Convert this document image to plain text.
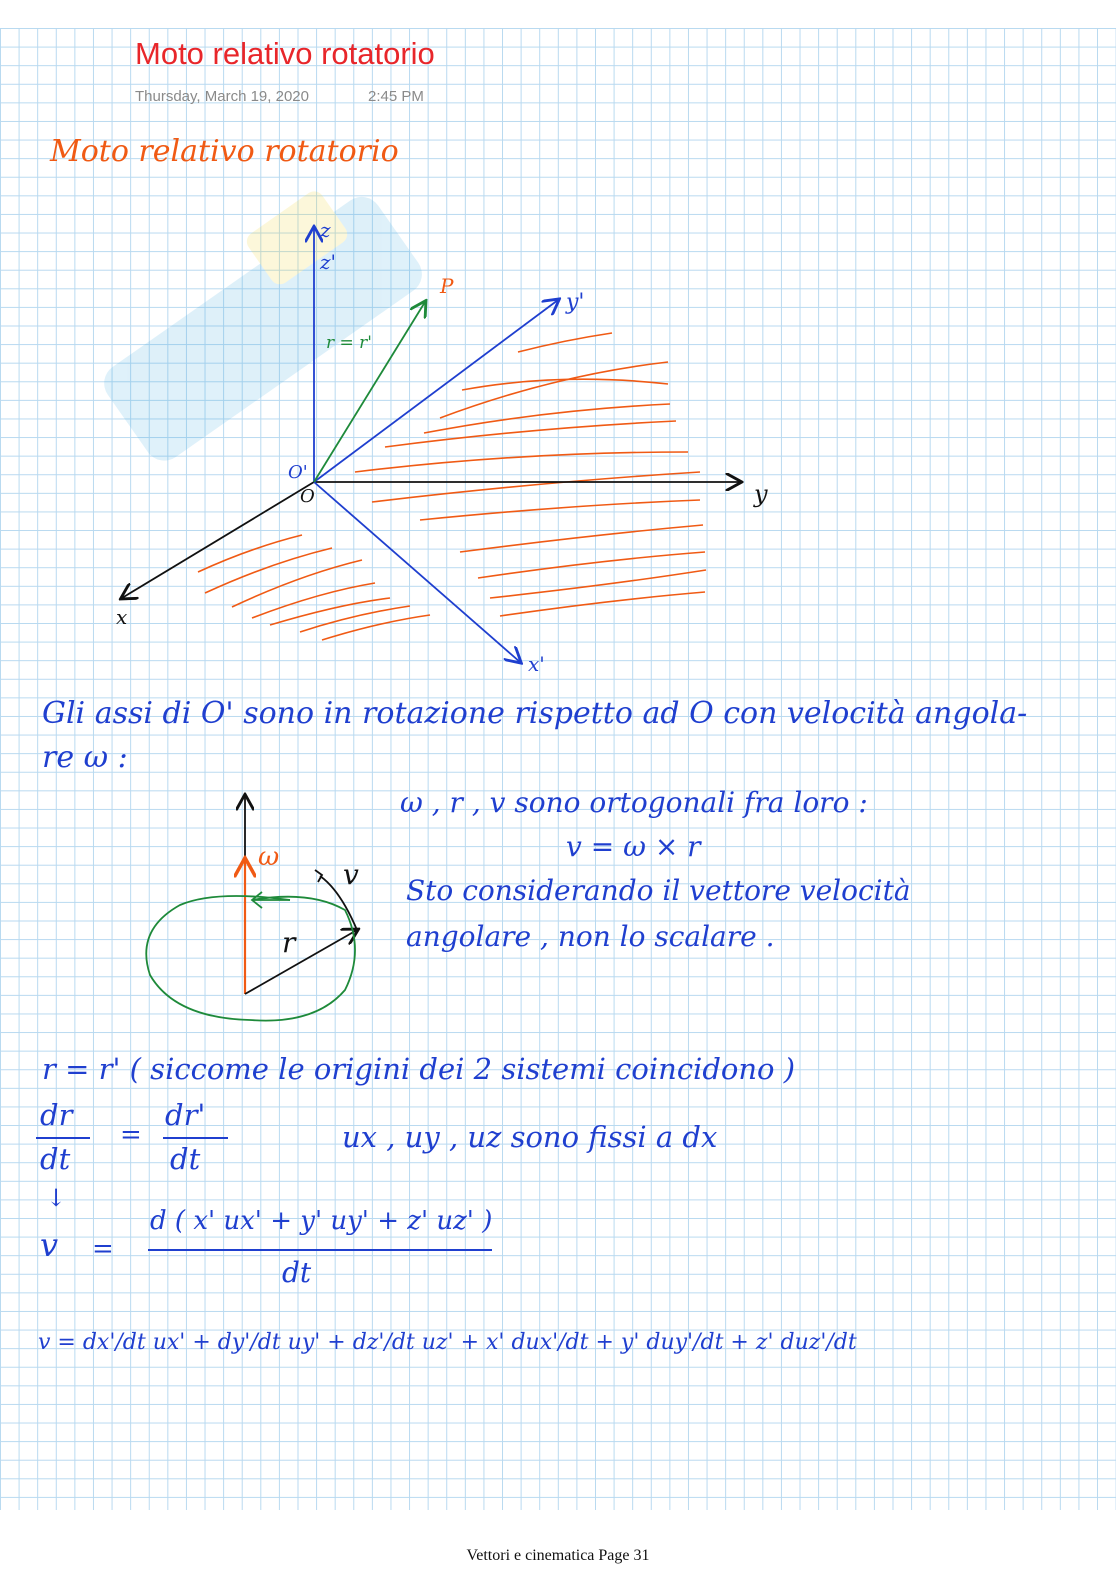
Moto relativo rotatorio
Thursday, March 19, 2020	2:45 PM
Moto relativo rotatorio
z
z'
P
y'
r = r'
O'
O	y
x
x'
Gli assi di O' sono in rotazione rispetto ad O con velocità angola-
re ω :
ω , r , v sono ortogonali fra loro :
v = ω × r
Sto considerando il vettore velocità
angolare , non lo scalare .
ω
v
r
r = r' ( siccome le origini dei 2 sistemi coincidono )
dr
dt
=
dr'
dt
ux , uy , uz sono fissi a dx
↓
v =
d ( x' ux' + y' uy' + z' uz' )
dt
v = dx'/dt ux' + dy'/dt uy' + dz'/dt uz' + x' dux'/dt + y' duy'/dt + z' duz'/dt
Vettori e cinematica Page 31
